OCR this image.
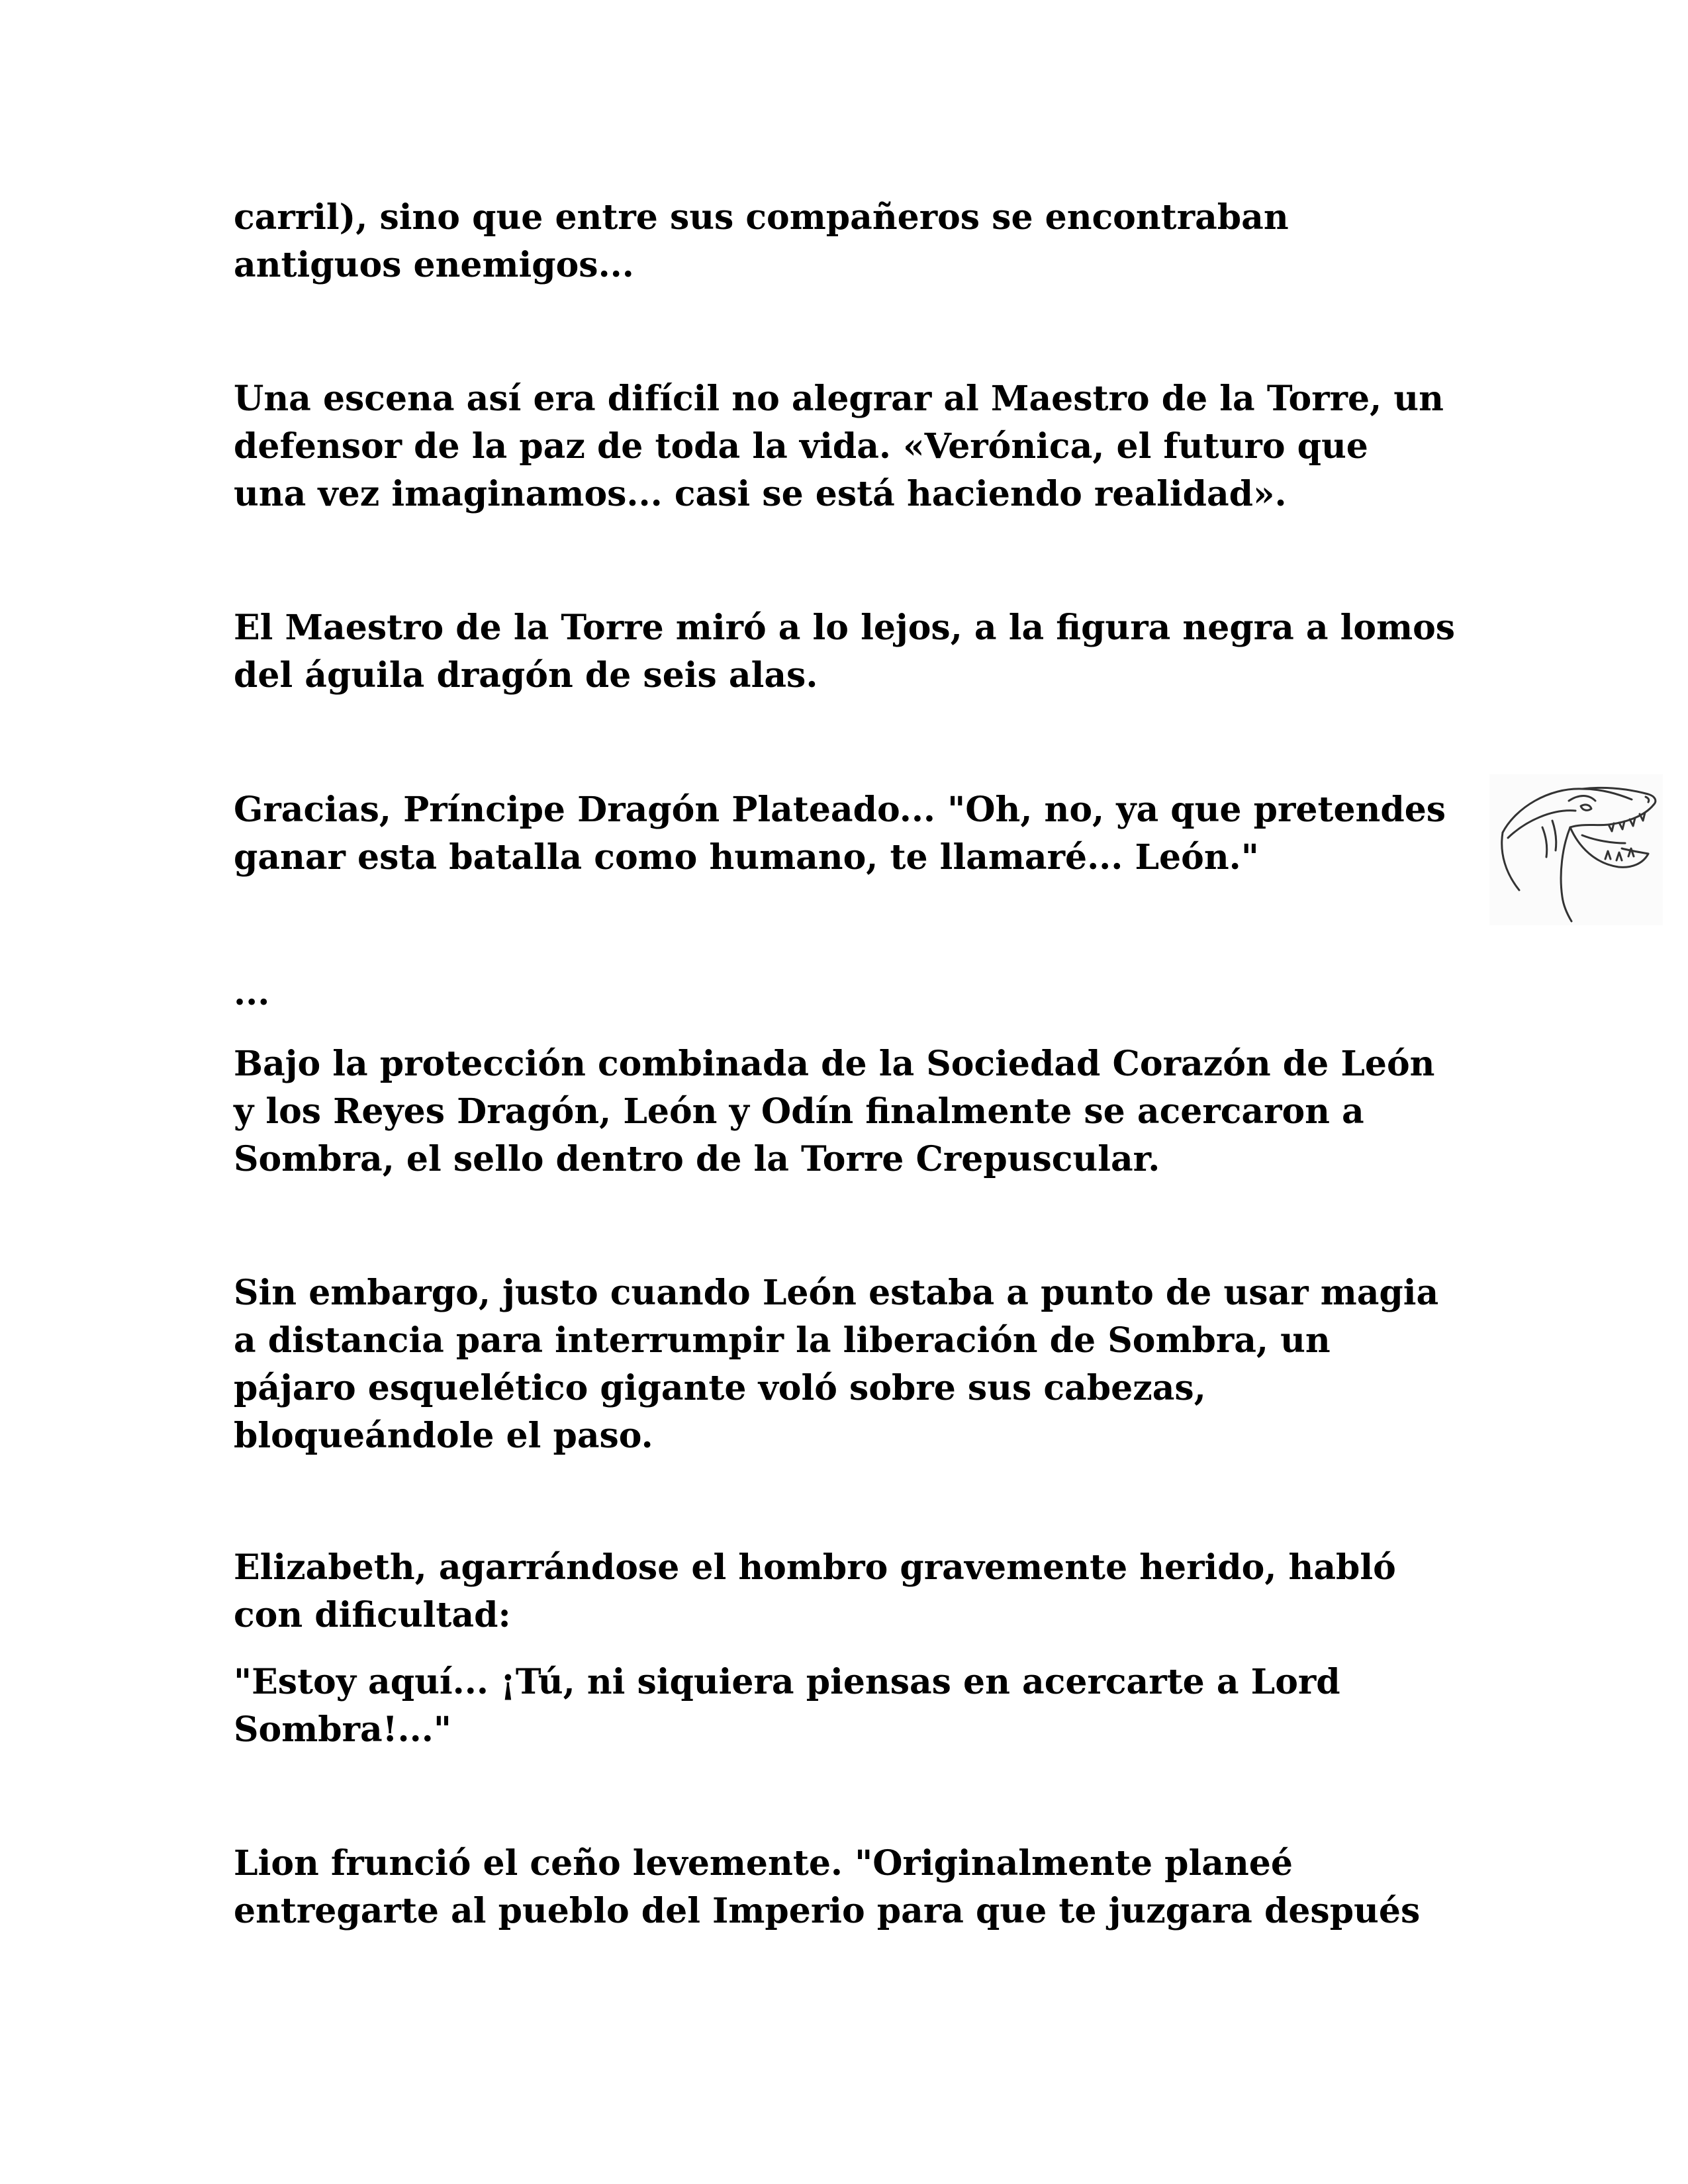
carril), sino que entre sus compañeros se encontraban
antiguos enemigos...

Una escena así era difícil no alegrar al Maestro de la Torre, un
defensor de la paz de toda la vida. «Verónica, el futuro que
una vez imaginamos... casi se está haciendo realidad».

El Maestro de la Torre miró a lo lejos, a la figura negra a lomos
del águila dragón de seis alas.

Gracias, Príncipe Dragón Plateado... "Oh, no, ya que pretendes
ganar esta batalla como humano, te llamaré... León."

...

Bajo la protección combinada de la Sociedad Corazón de León
y los Reyes Dragón, León y Odín finalmente se acercaron a
Sombra, el sello dentro de la Torre Crepuscular.

Sin embargo, justo cuando León estaba a punto de usar magia
a distancia para interrumpir la liberación de Sombra, un
pájaro esquelético gigante voló sobre sus cabezas,
bloqueándole el paso.

Elizabeth, agarrándose el hombro gravemente herido, habló
con dificultad:

"Estoy aquí... ¡Tú, ni siquiera piensas en acercarte a Lord
Sombra!..."

Lion frunció el ceño levemente. "Originalmente planeé
entregarte al pueblo del Imperio para que te juzgara después
